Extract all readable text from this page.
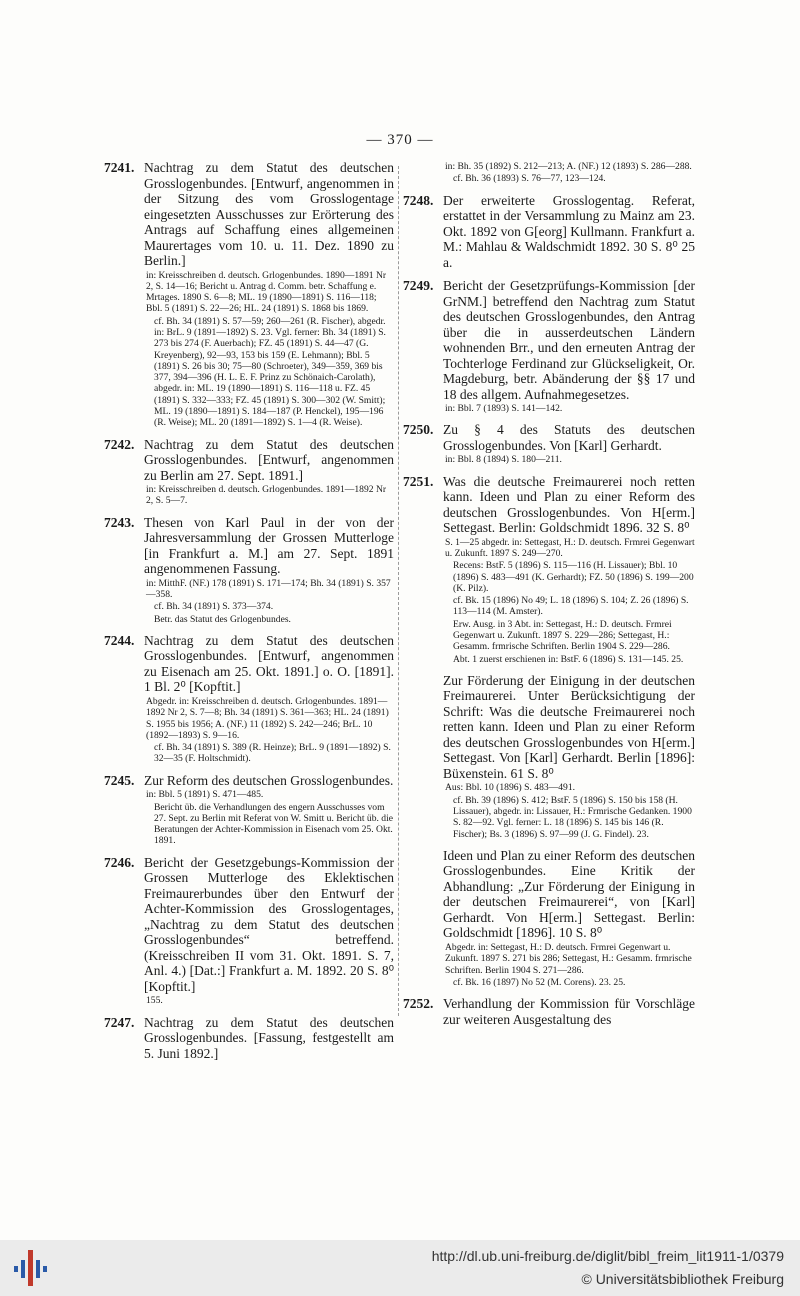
— 370 —
7241. Nachtrag zu dem Statut des deutschen Grosslogenbundes. [Entwurf, angenommen in der Sitzung des vom Grosslogentage eingesetzten Ausschusses zur Erörterung des Antrags auf Schaffung eines allgemeinen Maurertages vom 10. u. 11. Dez. 1890 zu Berlin.]
in: Kreisschreiben d. deutsch. Grlogenbundes. 1890—1891 Nr 2, S. 14—16; Bericht u. Antrag d. Comm. betr. Schaffung e. Mrtages. 1890 S. 6—8; ML. 19 (1890—1891) S. 116—118; Bbl. 5 (1891) S. 22—26; HL. 24 (1891) S. 1868 bis 1869.
cf. Bh. 34 (1891) S. 57—59; 260—261 (R. Fischer), abgedr. in: BrL. 9 (1891—1892) S. 23. Vgl. ferner: Bh. 34 (1891) S. 273 bis 274 (F. Auerbach); FZ. 45 (1891) S. 44—47 (G. Kreyenberg), 92—93, 153 bis 159 (E. Lehmann); Bbl. 5 (1891) S. 26 bis 30; 75—80 (Schroeter), 349—359, 369 bis 377, 394—396 (H. L. E. F. Prinz zu Schönaich-Carolath), abgedr. in: ML. 19 (1890—1891) S. 116—118 u. FZ. 45 (1891) S. 332—333; FZ. 45 (1891) S. 300—302 (W. Smitt); ML. 19 (1890—1891) S. 184—187 (P. Henckel), 195—196 (R. Weise); ML. 20 (1891—1892) S. 1—4 (R. Weise).
7242. Nachtrag zu dem Statut des deutschen Grosslogenbundes. [Entwurf, angenommen zu Berlin am 27. Sept. 1891.]
in: Kreisschreiben d. deutsch. Grlogenbundes. 1891—1892 Nr 2, S. 5—7.
7243. Thesen von Karl Paul in der von der Jahresversammlung der Grossen Mutterloge [in Frankfurt a. M.] am 27. Sept. 1891 angenommenen Fassung.
in: MitthF. (NF.) 178 (1891) S. 171—174; Bh. 34 (1891) S. 357—358.
cf. Bh. 34 (1891) S. 373—374.
Betr. das Statut des Grlogenbundes.
7244. Nachtrag zu dem Statut des deutschen Grosslogenbundes. [Entwurf, angenommen zu Eisenach am 25. Okt. 1891.] o. O. [1891]. 1 Bl. 2⁰ [Kopftit.]
Abgedr. in: Kreisschreiben d. deutsch. Grlogenbundes. 1891—1892 Nr 2, S. 7—8; Bh. 34 (1891) S. 361—363; HL. 24 (1891) S. 1955 bis 1956; A. (NF.) 11 (1892) S. 242—246; BrL. 10 (1892—1893) S. 9—16.
cf. Bh. 34 (1891) S. 389 (R. Heinze); BrL. 9 (1891—1892) S. 32—35 (F. Holtschmidt).
7245. Zur Reform des deutschen Grosslogenbundes.
in: Bbl. 5 (1891) S. 471—485.
Bericht üb. die Verhandlungen des engern Ausschusses vom 27. Sept. zu Berlin mit Referat von W. Smitt u. Bericht üb. die Beratungen der Achter-Kommission in Eisenach vom 25. Okt. 1891.
7246. Bericht der Gesetzgebungs-Kommission der Grossen Mutterloge des Eklektischen Freimaurerbundes über den Entwurf der Achter-Kommission des Grosslogentages, „Nachtrag zu dem Statut des deutschen Grosslogenbundes“ betreffend. (Kreisschreiben II vom 31. Okt. 1891. S. 7, Anl. 4.) [Dat.:] Frankfurt a. M. 1892. 20 S. 8⁰ [Kopftit.]
155.
7247. Nachtrag zu dem Statut des deutschen Grosslogenbundes. [Fassung, festgestellt am 5. Juni 1892.]
in: Bh. 35 (1892) S. 212—213; A. (NF.) 12 (1893) S. 286—288.
cf. Bh. 36 (1893) S. 76—77, 123—124.
7248. Der erweiterte Grosslogentag. Referat, erstattet in der Versammlung zu Mainz am 23. Okt. 1892 von G[eorg] Kullmann. Frankfurt a. M.: Mahlau & Waldschmidt 1892. 30 S. 8⁰ 25 a.
7249. Bericht der Gesetzprüfungs-Kommission [der GrNM.] betreffend den Nachtrag zum Statut des deutschen Grosslogenbundes, den Antrag über die in ausserdeutschen Ländern wohnenden Brr., und den erneuten Antrag der Tochterloge Ferdinand zur Glückseligkeit, Or. Magdeburg, betr. Abänderung der §§ 17 und 18 des allgem. Aufnahmegesetzes.
in: Bbl. 7 (1893) S. 141—142.
7250. Zu § 4 des Statuts des deutschen Grosslogenbundes. Von [Karl] Gerhardt.
in: Bbl. 8 (1894) S. 180—211.
7251. Was die deutsche Freimaurerei noch retten kann. Ideen und Plan zu einer Reform des deutschen Grosslogenbundes. Von H[erm.] Settegast. Berlin: Goldschmidt 1896. 32 S. 8⁰
S. 1—25 abgedr. in: Settegast, H.: D. deutsch. Frmrei Gegenwart u. Zukunft. 1897 S. 249—270.
Recens: BstF. 5 (1896) S. 115—116 (H. Lissauer); Bbl. 10 (1896) S. 483—491 (K. Gerhardt); FZ. 50 (1896) S. 199—200 (K. Pilz).
cf. Bk. 15 (1896) No 49; L. 18 (1896) S. 104; Z. 26 (1896) S. 113—114 (M. Amster).
Erw. Ausg. in 3 Abt. in: Settegast, H.: D. deutsch. Frmrei Gegenwart u. Zukunft. 1897 S. 229—286; Settegast, H.: Gesamm. frmrische Schriften. Berlin 1904 S. 229—286.
Abt. 1 zuerst erschienen in: BstF. 6 (1896) S. 131—145. 25.
Zur Förderung der Einigung in der deutschen Freimaurerei. Unter Berücksichtigung der Schrift: Was die deutsche Freimaurerei noch retten kann. Ideen und Plan zu einer Reform des deutschen Grosslogenbundes von H[erm.] Settegast. Von [Karl] Gerhardt. Berlin [1896]: Büxenstein. 61 S. 8⁰
Aus: Bbl. 10 (1896) S. 483—491.
cf. Bh. 39 (1896) S. 412; BstF. 5 (1896) S. 150 bis 158 (H. Lissauer), abgedr. in: Lissauer, H.: Frmrische Gedanken. 1900 S. 82—92. Vgl. ferner: L. 18 (1896) S. 145 bis 146 (R. Fischer); Bs. 3 (1896) S. 97—99 (J. G. Findel). 23.
Ideen und Plan zu einer Reform des deutschen Grosslogenbundes. Eine Kritik der Abhandlung: „Zur Förderung der Einigung in der deutschen Freimaurerei“, von [Karl] Gerhardt. Von H[erm.] Settegast. Berlin: Goldschmidt [1896]. 10 S. 8⁰
Abgedr. in: Settegast, H.: D. deutsch. Frmrei Gegenwart u. Zukunft. 1897 S. 271 bis 286; Settegast, H.: Gesamm. frmrische Schriften. Berlin 1904 S. 271—286.
cf. Bk. 16 (1897) No 52 (M. Corens). 23. 25.
7252. Verhandlung der Kommission für Vorschläge zur weiteren Ausgestaltung des
http://dl.ub.uni-freiburg.de/diglit/bibl_freim_lit1911-1/0379
© Universitätsbibliothek Freiburg
